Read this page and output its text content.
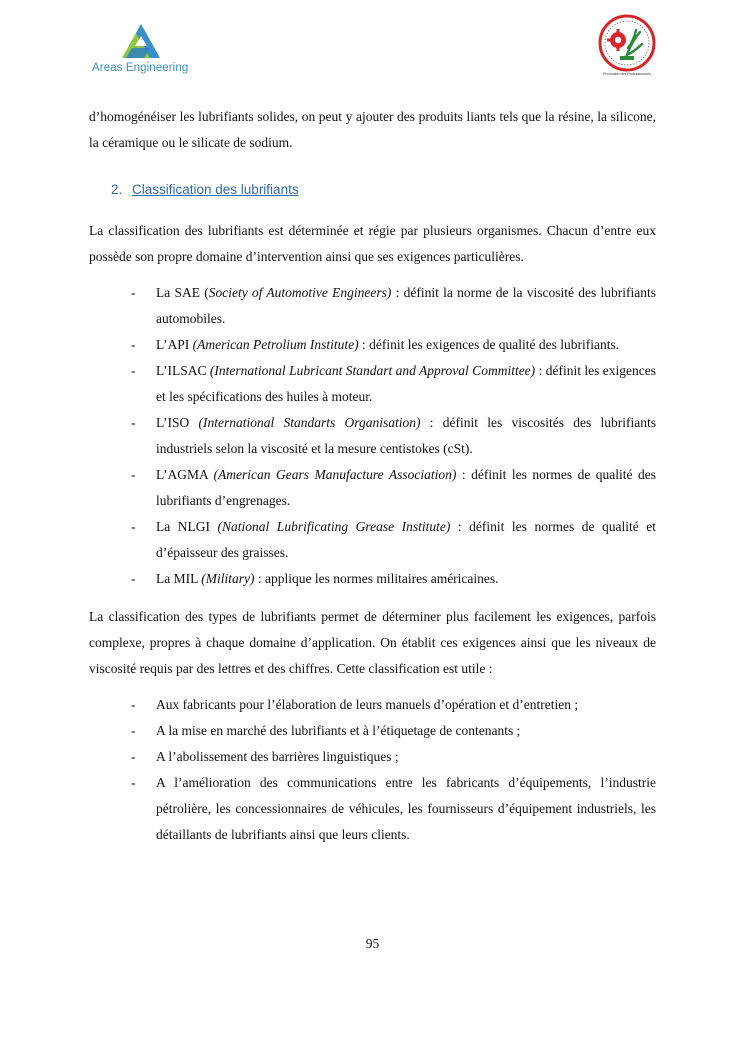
Areas Engineering	Promotion des Professionnels

d’homogénéiser les lubrifiants solides, on peut y ajouter des produits liants tels que la résine, la silicone, la céramique ou le silicate de sodium.

2. Classification des lubrifiants

La classification des lubrifiants est déterminée et régie par plusieurs organismes. Chacun d’entre eux possède son propre domaine d’intervention ainsi que ses exigences particulières.

- La SAE (Society of Automotive Engineers) : définit la norme de la viscosité des lubrifiants automobiles.
- L’API (American Petrolium Institute) : définit les exigences de qualité des lubrifiants.
- L’ILSAC (International Lubricant Standart and Approval Committee) : définit les exigences et les spécifications des huiles à moteur.
- L’ISO (International Standarts Organisation) : définit les viscosités des lubrifiants industriels selon la viscosité et la mesure centistokes (cSt).
- L’AGMA (American Gears Manufacture Association) : définit les normes de qualité des lubrifiants d’engrenages.
- La NLGI (National Lubrificating Grease Institute) : définit les normes de qualité et d’épaisseur des graisses.
- La MIL (Military) : applique les normes militaires américaines.

La classification des types de lubrifiants permet de déterminer plus facilement les exigences, parfois complexe, propres à chaque domaine d’application. On établit ces exigences ainsi que les niveaux de viscosité requis par des lettres et des chiffres. Cette classification est utile :

- Aux fabricants pour l’élaboration de leurs manuels d’opération et d’entretien ;
- A la mise en marché des lubrifiants et à l’étiquetage de contenants ;
- A l’abolissement des barrières linguistiques ;
- A l’amélioration des communications entre les fabricants d’équipements, l’industrie pétrolière, les concessionnaires de véhicules, les fournisseurs d’équipement industriels, les détaillants de lubrifiants ainsi que leurs clients.
95
